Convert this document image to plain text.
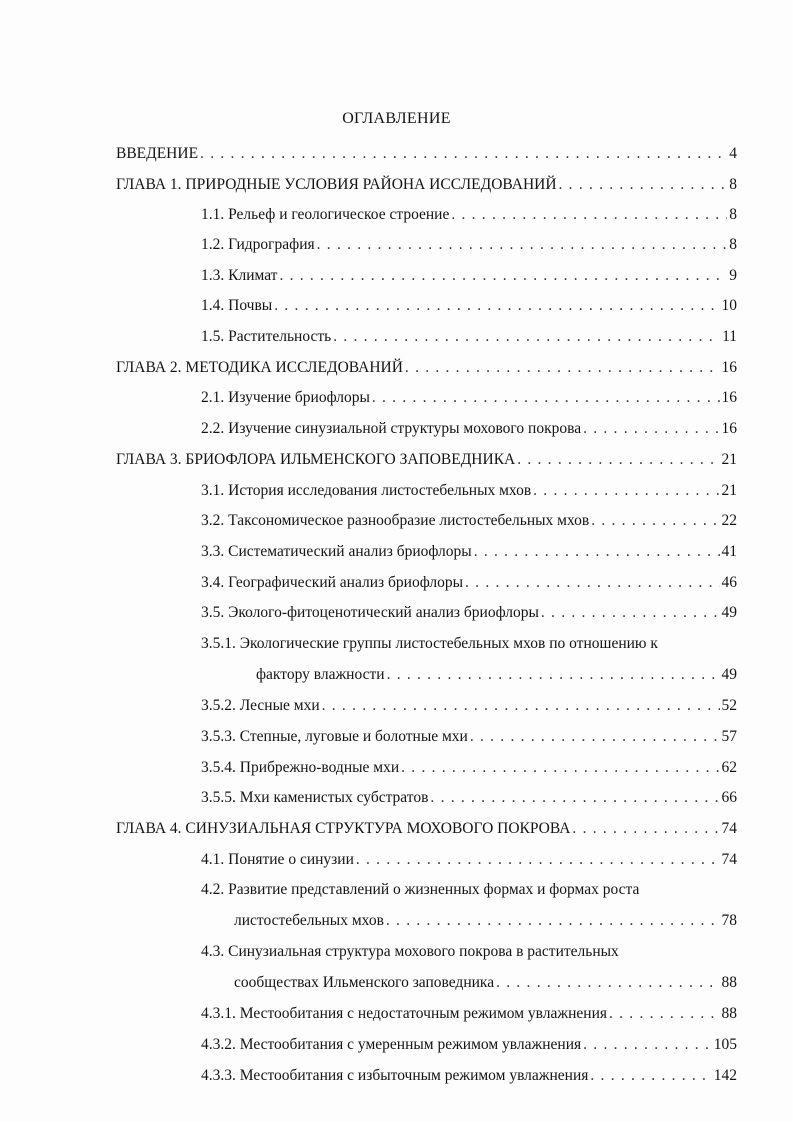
ОГЛАВЛЕНИЕ
ВВЕДЕНИЕ . . .	4
ГЛАВА 1. ПРИРОДНЫЕ УСЛОВИЯ РАЙОНА ИССЛЕДОВАНИЙ . . .	8
1.1. Рельеф и геологическое строение . . .	8
1.2. Гидрография . . .	8
1.3. Климат . . .	9
1.4. Почвы . . .	10
1.5. Растительность . . .	11
ГЛАВА 2. МЕТОДИКА ИССЛЕДОВАНИЙ . . .	16
2.1. Изучение бриофлоры . . .	16
2.2. Изучение синузиальной структуры мохового покрова . . .	16
ГЛАВА 3. БРИОФЛОРА ИЛЬМЕНСКОГО ЗАПОВЕДНИКА . . .	21
3.1. История исследования листостебельных мхов . . .	21
3.2. Таксономическое разнообразие листостебельных мхов . . .	22
3.3. Систематический анализ бриофлоры . . .	41
3.4. Географический анализ бриофлоры . . .	46
3.5. Эколого-фитоценотический анализ бриофлоры . . .	49
3.5.1. Экологические группы листостебельных мхов по отношению к
фактору влажности . . .	49
3.5.2. Лесные мхи . . .	52
3.5.3. Степные, луговые и болотные мхи . . .	57
3.5.4. Прибрежно-водные мхи . . .	62
3.5.5. Мхи каменистых субстратов . . .	66
ГЛАВА 4. СИНУЗИАЛЬНАЯ СТРУКТУРА МОХОВОГО ПОКРОВА . . .	74
4.1. Понятие о синузии . . .	74
4.2. Развитие представлений о жизненных формах и формах роста
листостебельных мхов . . .	78
4.3. Синузиальная структура мохового покрова в растительных
сообществах Ильменского заповедника . . .	88
4.3.1. Местообитания с недостаточным режимом увлажнения . . .	88
4.3.2. Местообитания с умеренным режимом увлажнения . . .	105
4.3.3. Местообитания с избыточным режимом увлажнения . . .	142
